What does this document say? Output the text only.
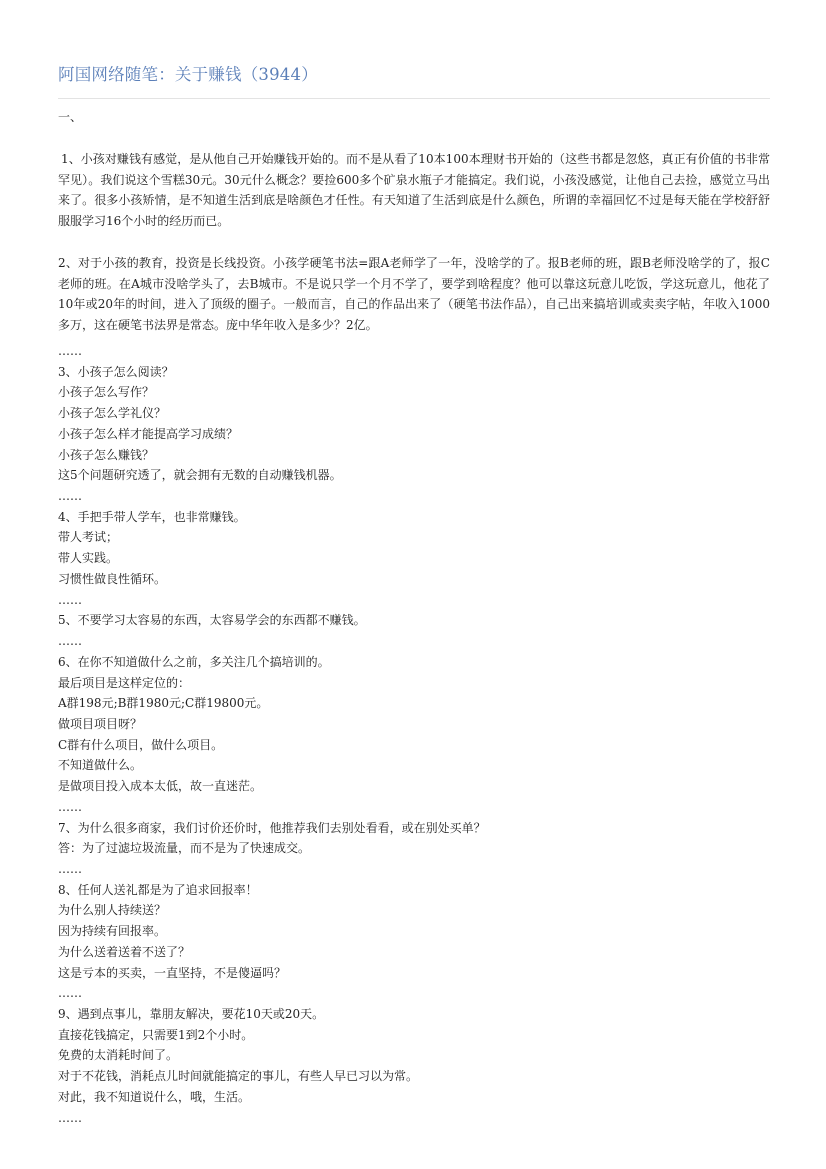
阿国网络随笔：关于赚钱（3944）
一、
1、小孩对赚钱有感觉，是从他自己开始赚钱开始的。而不是从看了10本100本理财书开始的（这些书都是忽悠，真正有价值的书非常罕见）。我们说这个雪糕30元。30元什么概念？要捡600多个矿泉水瓶子才能搞定。我们说，小孩没感觉，让他自己去捡，感觉立马出来了。很多小孩矫情，是不知道生活到底是啥颜色才任性。有天知道了生活到底是什么颜色，所谓的幸福回忆不过是每天能在学校舒舒服服学习16个小时的经历而已。
2、对于小孩的教育，投资是长线投资。小孩学硬笔书法=跟A老师学了一年，没啥学的了。报B老师的班，跟B老师没啥学的了，报C老师的班。在A城市没啥学头了，去B城市。不是说只学一个月不学了，要学到啥程度？他可以靠这玩意儿吃饭，学这玩意儿，他花了10年或20年的时间，进入了顶级的圈子。一般而言，自己的作品出来了（硬笔书法作品），自己出来搞培训或卖卖字帖，年收入1000多万，这在硬笔书法界是常态。庞中华年收入是多少？2亿。
……
3、小孩子怎么阅读？
小孩子怎么写作？
小孩子怎么学礼仪？
小孩子怎么样才能提高学习成绩？
小孩子怎么赚钱？
这5个问题研究透了，就会拥有无数的自动赚钱机器。
……
4、手把手带人学车，也非常赚钱。
带人考试；
带人实践。
习惯性做良性循环。
……
5、不要学习太容易的东西，太容易学会的东西都不赚钱。
……
6、在你不知道做什么之前，多关注几个搞培训的。
最后项目是这样定位的：
A群198元;B群1980元;C群19800元。
做项目项目呀？
C群有什么项目，做什么项目。
不知道做什么。
是做项目投入成本太低，故一直迷茫。
……
7、为什么很多商家，我们讨价还价时，他推荐我们去别处看看，或在别处买单？
答：为了过滤垃圾流量，而不是为了快速成交。
……
8、任何人送礼都是为了追求回报率！
为什么别人持续送？
因为持续有回报率。
为什么送着送着不送了？
这是亏本的买卖，一直坚持，不是傻逼吗？
……
9、遇到点事儿，靠朋友解决，要花10天或20天。
直接花钱搞定，只需要1到2个小时。
免费的太消耗时间了。
对于不花钱，消耗点儿时间就能搞定的事儿，有些人早已习以为常。
对此，我不知道说什么，哦，生活。
……
